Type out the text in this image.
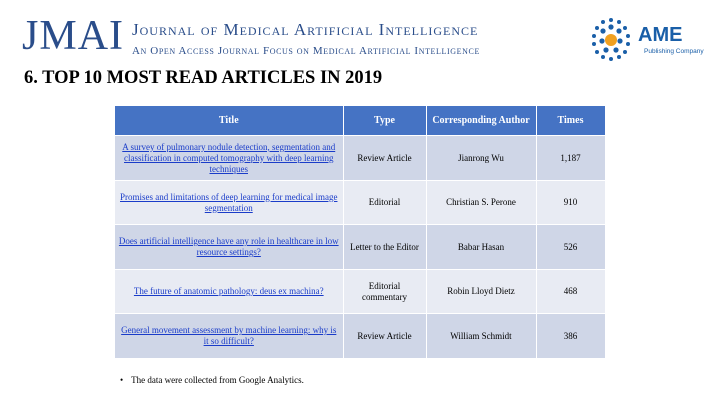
JMAI Journal of Medical Artificial Intelligence
An Open Access Journal Focus on Medical Artificial Intelligence
AME
Publishing Company
6. TOP 10 MOST READ ARTICLES IN 2019
Title	Type	Corresponding Author	Times
A survey of pulmonary nodule detection, segmentation and classification in computed tomography with deep learning techniques	Review Article	Jianrong Wu	1,187
Promises and limitations of deep learning for medical image segmentation	Editorial	Christian S. Perone	910
Does artificial intelligence have any role in healthcare in low resource settings?	Letter to the Editor	Babar Hasan	526
The future of anatomic pathology: deus ex machina?	Editorial commentary	Robin Lloyd Dietz	468
General movement assessment by machine learning: why is it so difficult?	Review Article	William Schmidt	386
• The data were collected from Google Analytics.
